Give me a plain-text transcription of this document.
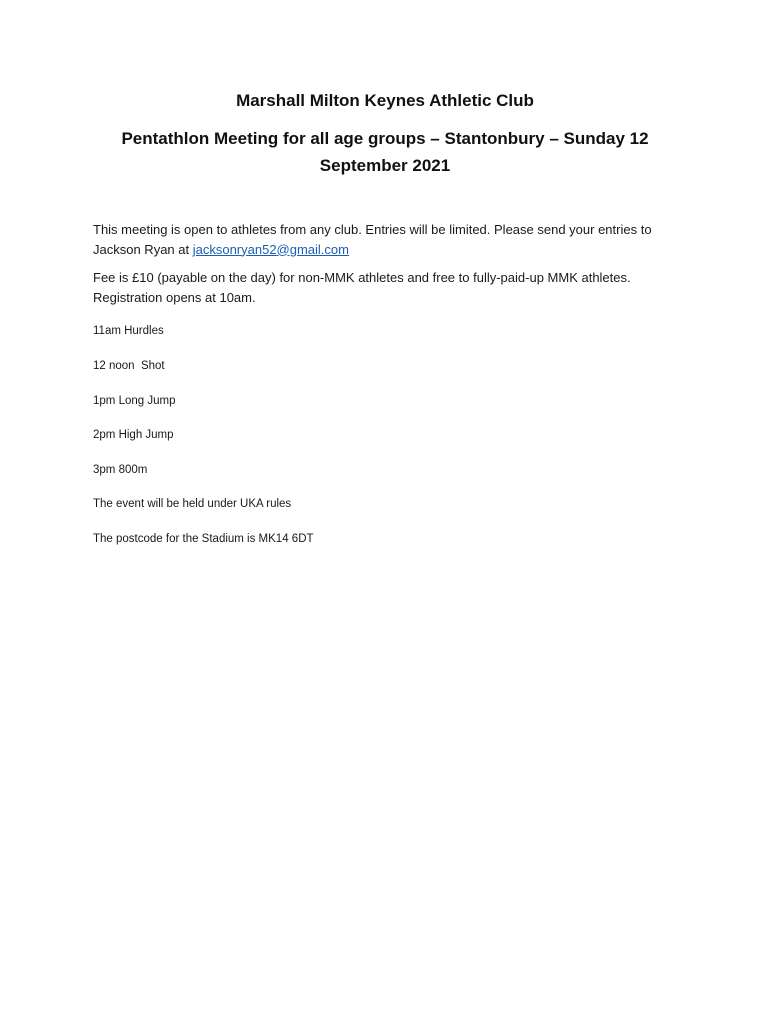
Marshall Milton Keynes Athletic Club
Pentathlon Meeting for all age groups – Stantonbury – Sunday 12 September 2021
This meeting is open to athletes from any club. Entries will be limited. Please send your entries to Jackson Ryan at jacksonryan52@gmail.com
Fee is £10 (payable on the day) for non-MMK athletes and free to fully-paid-up MMK athletes. Registration opens at 10am.
11am Hurdles
12 noon  Shot
1pm Long Jump
2pm High Jump
3pm 800m
The event will be held under UKA rules
The postcode for the Stadium is MK14 6DT
